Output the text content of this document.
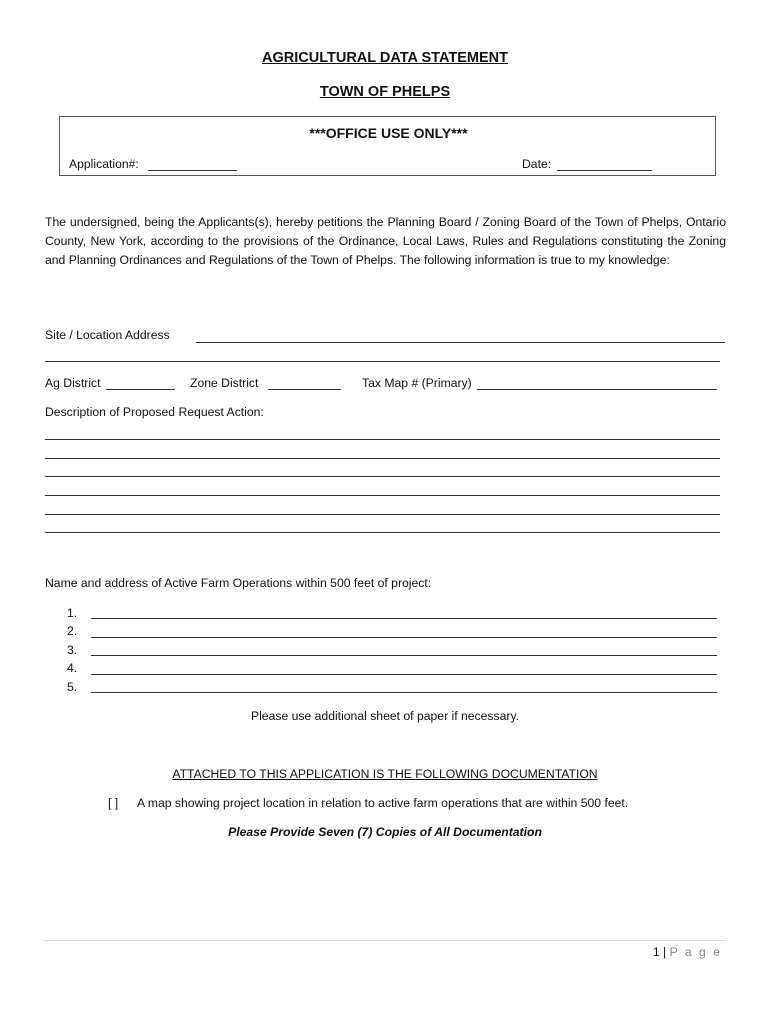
AGRICULTURAL DATA STATEMENT
TOWN OF PHELPS
***OFFICE USE ONLY***
Application#:	Date:
The undersigned, being the Applicants(s), hereby petitions the Planning Board / Zoning Board of the Town of Phelps, Ontario County, New York, according to the provisions of the Ordinance, Local Laws, Rules and Regulations constituting the Zoning and Planning Ordinances and Regulations of the Town of Phelps. The following information is true to my knowledge:
Site / Location Address
Ag District	Zone District	Tax Map # (Primary)
Description of Proposed Request Action:
Name and address of Active Farm Operations within 500 feet of project:
1.
2.
3.
4.
5.
Please use additional sheet of paper if necessary.
ATTACHED TO THIS APPLICATION IS THE FOLLOWING DOCUMENTATION
[ ] A map showing project location in relation to active farm operations that are within 500 feet.
Please Provide Seven (7) Copies of All Documentation
1 | P a g e
